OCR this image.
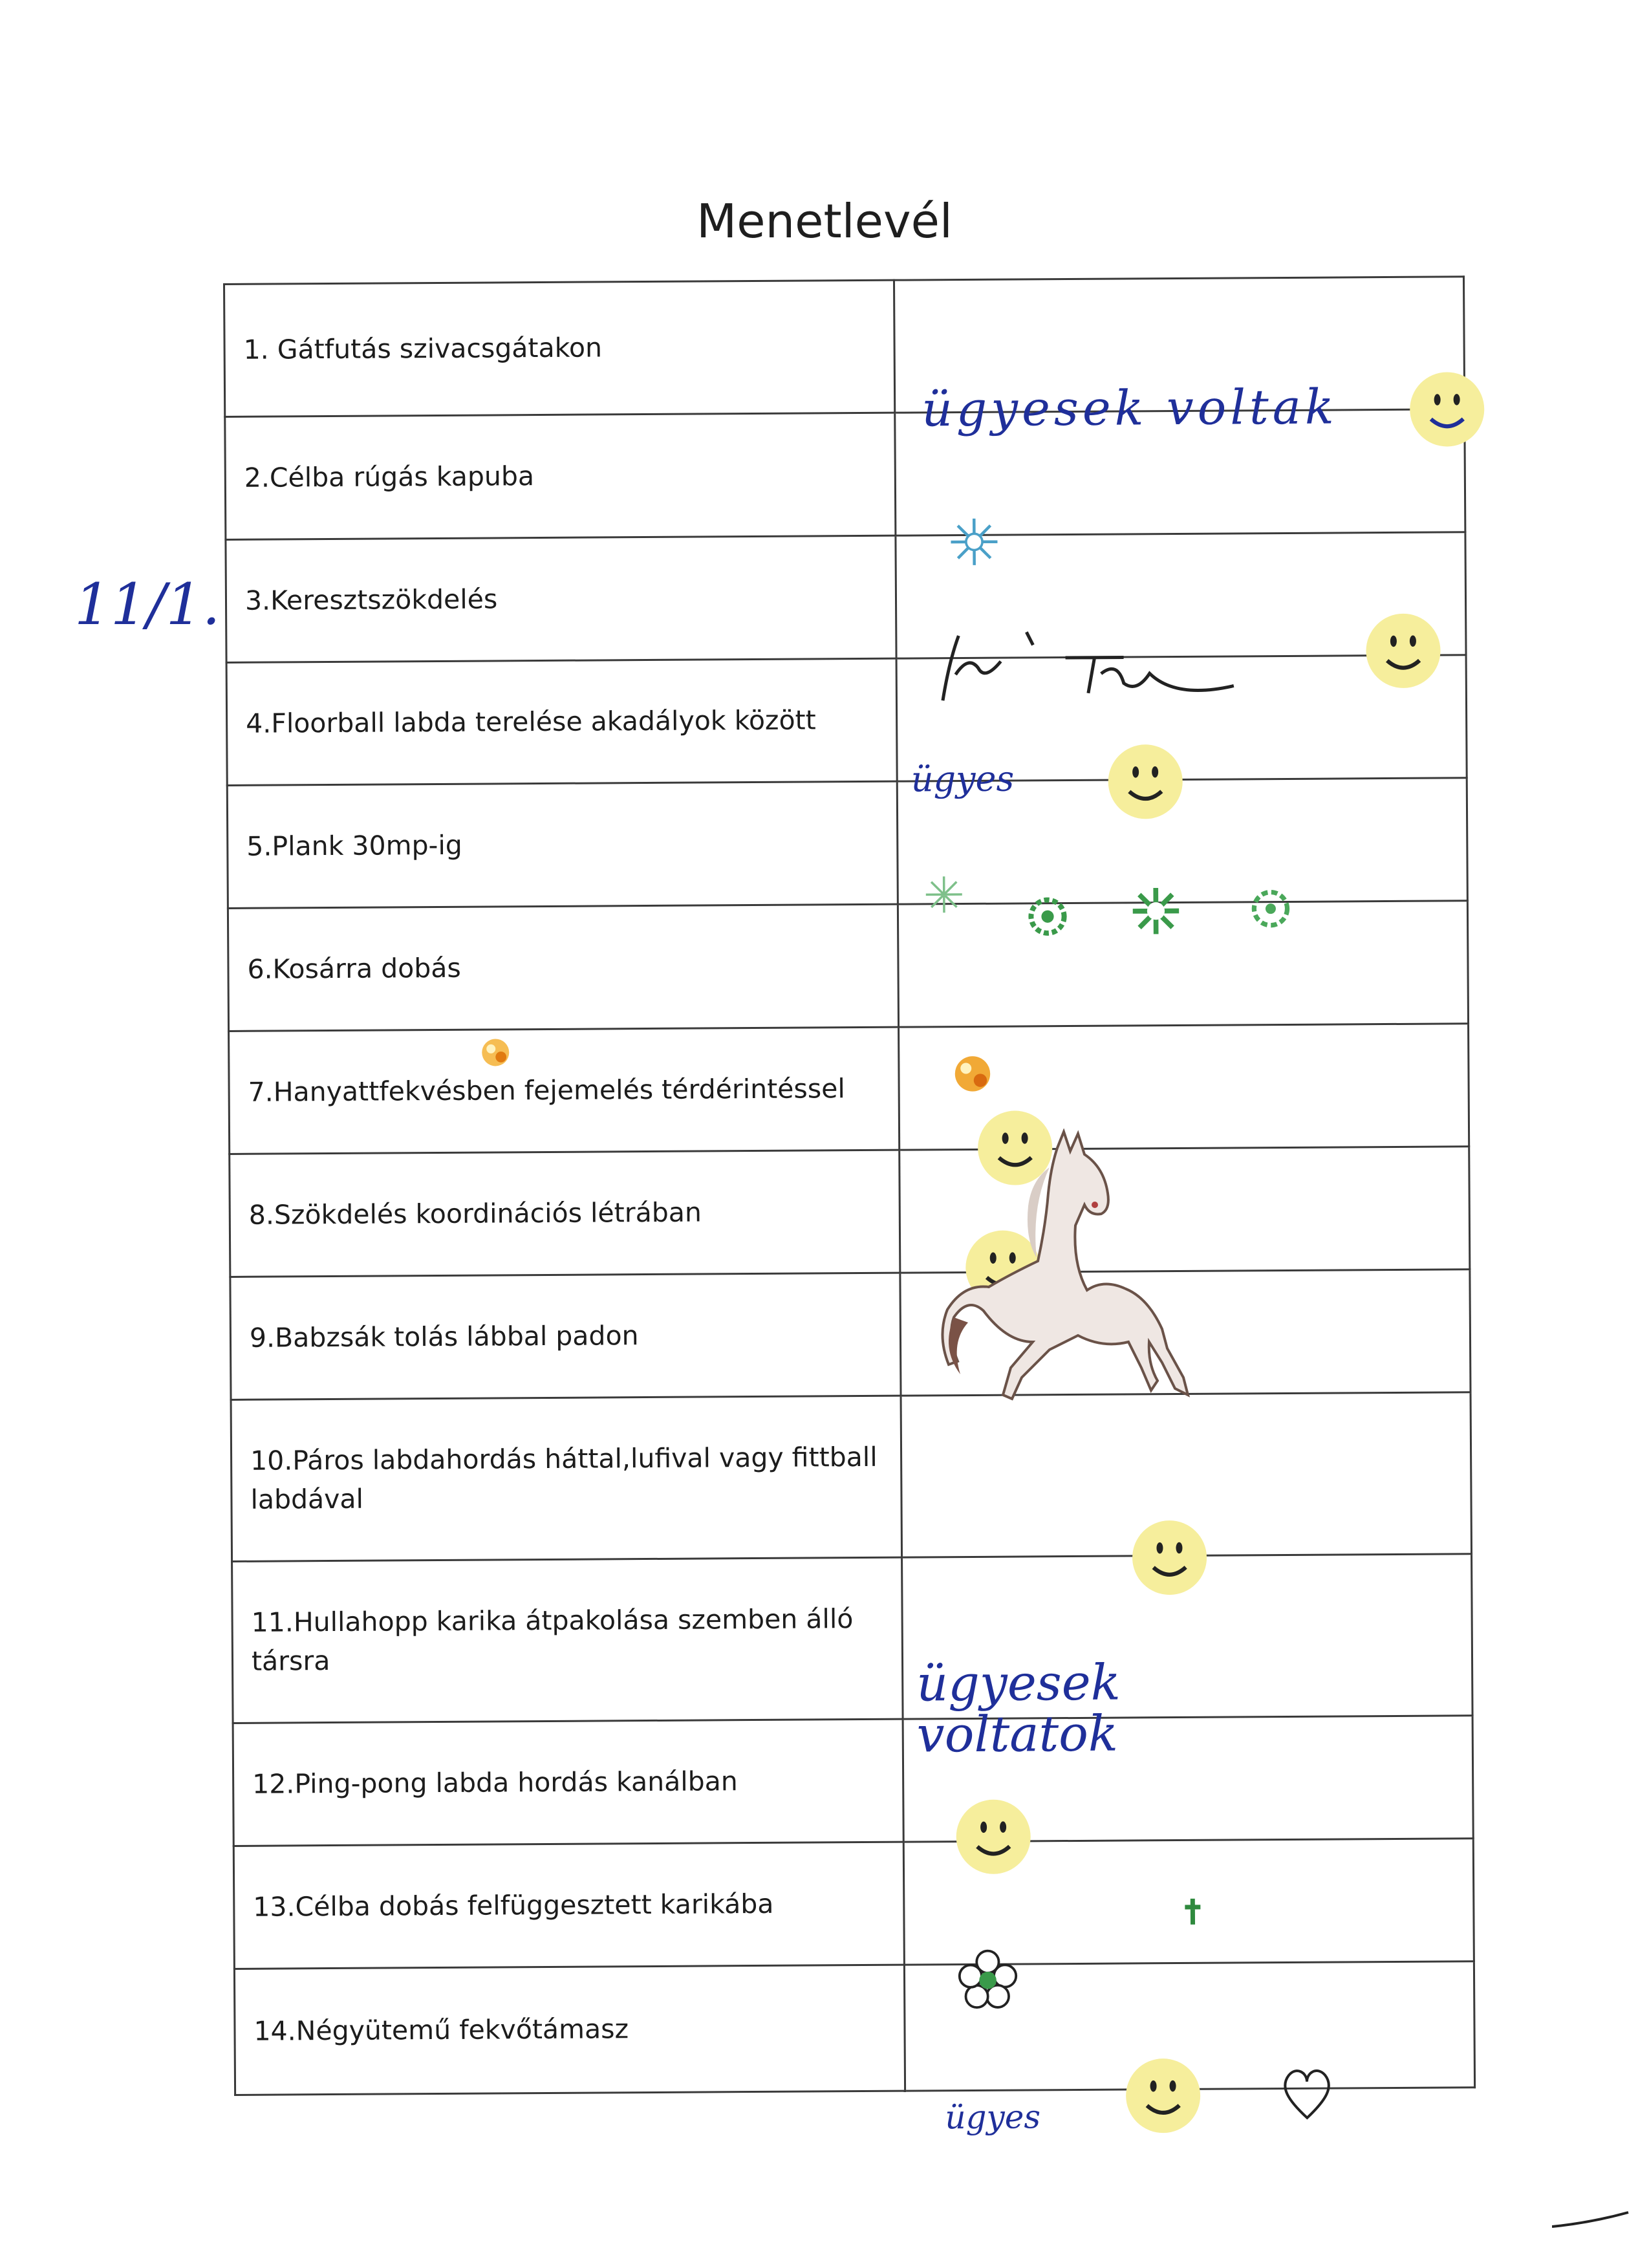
Menetlevél
11/1.
1. Gátfutás szivacsgátakon	ügyesek voltak

2.Célba rúgás kapuba	

3.Keresztszökdelés	

4.Floorball labda terelése akadályok között	ügyes

5.Plank 30mp-ig	

6.Kosárra dobás	

7.Hanyattfekvésben fejemelés térdérintéssel	

8.Szökdelés koordinációs létrában	

9.Babzsák tolás lábbal padon	

10.Páros labdahordás háttal,lufival vagy fittball labdával	

11.Hullahopp karika átpakolása szemben álló társra	ügyesek voltatok

12.Ping-pong labda hordás kanálban	

13.Célba dobás felfüggesztett karikába	

14.Négyütemű fekvőtámasz	ügyes
